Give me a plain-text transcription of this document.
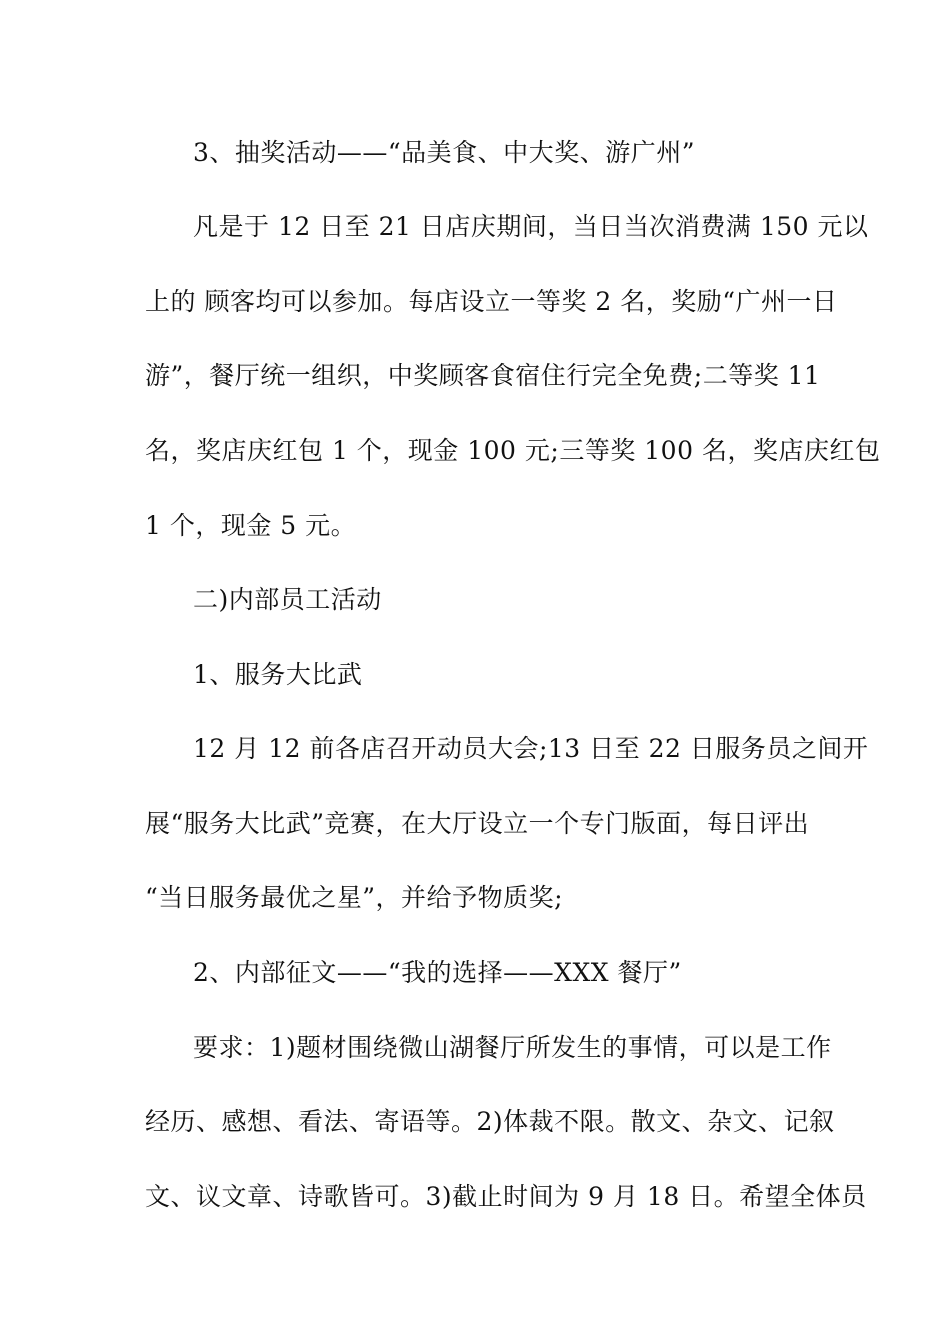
3、抽奖活动——“品美食、中大奖、游广州”
凡是于 12 日至 21 日店庆期间，当日当次消费满 150 元以
上的 顾客均可以参加。每店设立一等奖 2 名，奖励“广州一日
游”，餐厅统一组织，中奖顾客食宿住行完全免费;二等奖 11
名，奖店庆红包 1 个，现金 100 元;三等奖 100 名，奖店庆红包
1 个，现金 5 元。
二)内部员工活动
1、服务大比武
12 月 12 前各店召开动员大会;13 日至 22 日服务员之间开
展“服务大比武”竞赛，在大厅设立一个专门版面，每日评出
“当日服务最优之星”，并给予物质奖;
2、内部征文——“我的选择——XXX 餐厅”
要求：1)题材围绕微山湖餐厅所发生的事情，可以是工作
经历、感想、看法、寄语等。2)体裁不限。散文、杂文、记叙
文、议文章、诗歌皆可。3)截止时间为 9 月 18 日。希望全体员
